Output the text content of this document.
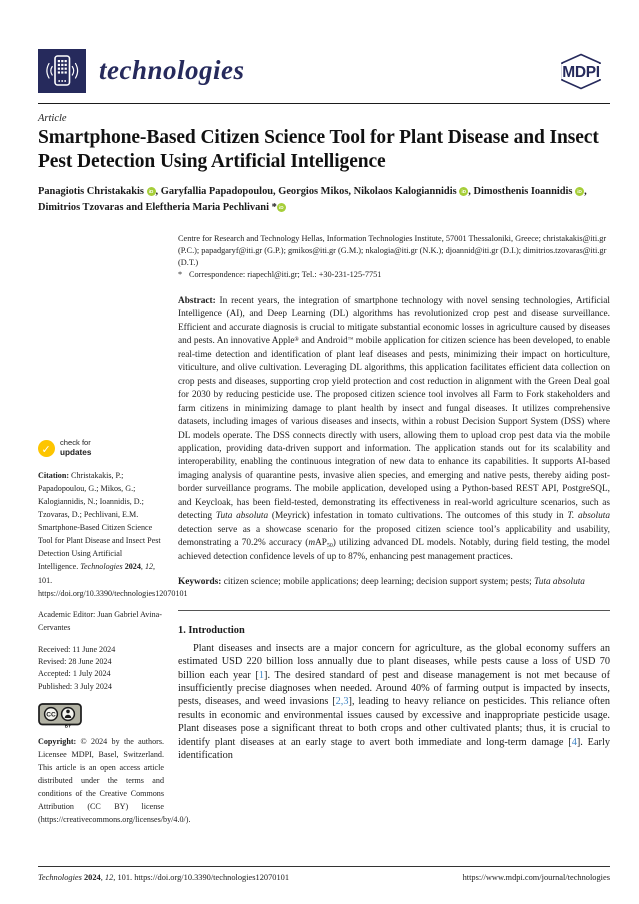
technologies	MDPI
Article
Smartphone-Based Citizen Science Tool for Plant Disease and Insect Pest Detection Using Artificial Intelligence
Panagiotis Christakakis iD , Garyfallia Papadopoulou, Georgios Mikos, Nikolaos Kalogiannidis iD , Dimosthenis Ioannidis iD , Dimitrios Tzovaras and Eleftheria Maria Pechlivani * iD
✓
check for
updates

Citation: Christakakis, P.; Papadopoulou, G.; Mikos, G.; Kalogiannidis, N.; Ioannidis, D.; Tzovaras, D.; Pechlivani, E.M. Smartphone-Based Citizen Science Tool for Plant Disease and Insect Pest Detection Using Artificial Intelligence. Technologies 2024, 12, 101. https://doi.org/10.3390/technologies12070101

Academic Editor: Juan Gabriel Avina-Cervantes

Received: 11 June 2024
Revised: 28 June 2024
Accepted: 1 July 2024
Published: 3 July 2024
CC
BY

Copyright: © 2024 by the authors. Licensee MDPI, Basel, Switzerland. This article is an open access article distributed under the terms and conditions of the Creative Commons Attribution (CC BY) license (https://creativecommons.org/licenses/by/4.0/).

Centre for Research and Technology Hellas, Information Technologies Institute, 57001 Thessaloniki, Greece; christakakis@iti.gr (P.C.); papadgaryf@iti.gr (G.P.); gmikos@iti.gr (G.M.); nkalogia@iti.gr (N.K.); djoannid@iti.gr (D.I.); dimitrios.tzovaras@iti.gr (D.T.)

* Correspondence: riapechl@iti.gr; Tel.: +30-231-125-7751

Abstract: In recent years, the integration of smartphone technology with novel sensing technologies, Artificial Intelligence (AI), and Deep Learning (DL) algorithms has revolutionized crop pest and disease surveillance. Efficient and accurate diagnosis is crucial to mitigate substantial economic losses in agriculture caused by diseases and pests. An innovative Apple® and Android™ mobile application for citizen science has been developed, to enable real-time detection and identification of plant leaf diseases and pests, minimizing their impact on horticulture, viticulture, and olive cultivation. Leveraging DL algorithms, this application facilitates efficient data collection on crop pests and diseases, supporting crop yield protection and cost reduction in alignment with the Green Deal goal for 2030 by reducing pesticide use. The proposed citizen science tool involves all Farm to Fork stakeholders and farm citizens in minimizing damage to plant health by insect and fungal diseases. It utilizes comprehensive datasets, including images of various diseases and insects, within a robust Decision Support System (DSS) where DL models operate. The DSS connects directly with users, allowing them to upload crop pest data via the mobile application, providing data-driven support and information. The application stands out for its scalability and interoperability, enabling the continuous integration of new data to enhance its capabilities. It supports AI-based imaging analysis of quarantine pests, invasive alien species, and emerging and native pests, thereby aiding post-border surveillance programs. The mobile application, developed using a Python-based REST API, PostgreSQL, and Keycloak, has been field-tested, demonstrating its effectiveness in real-world agriculture scenarios, such as detecting Tuta absoluta (Meyrick) infestation in tomato cultivations. The outcomes of this study in T. absoluta detection serve as a showcase scenario for the proposed citizen science tool’s applicability and usability, demonstrating a 70.2% accuracy (mAP$_{50}$) utilizing advanced DL models. Notably, during field testing, the model achieved detection confidence levels of up to 87%, enhancing pest management practices.

Keywords: citizen science; mobile applications; deep learning; decision support system; pests; Tuta absoluta

1. Introduction

Plant diseases and insects are a major concern for agriculture, as the global economy suffers an estimated USD 220 billion loss annually due to plant diseases, while pests cause a loss of USD 70 billion each year [1]. The desired standard of pest and disease management is not met because of insufficiently precise diagnoses when needed. Around 40% of farming output is impacted by insects, pests, diseases, and weed invasions [2,3], leading to heavy reliance on pesticides. This reliance often results in economic and environmental issues caused by excessive and inappropriate pesticide usage. Plant diseases pose a significant threat to both crops and other cultivated plants; thus, it is crucial to identify plant diseases at an early stage to avert both immediate and long-term damage [4]. Early identification

Technologies 2024, 12, 101. https://doi.org/10.3390/technologies12070101	https://www.mdpi.com/journal/technologies
